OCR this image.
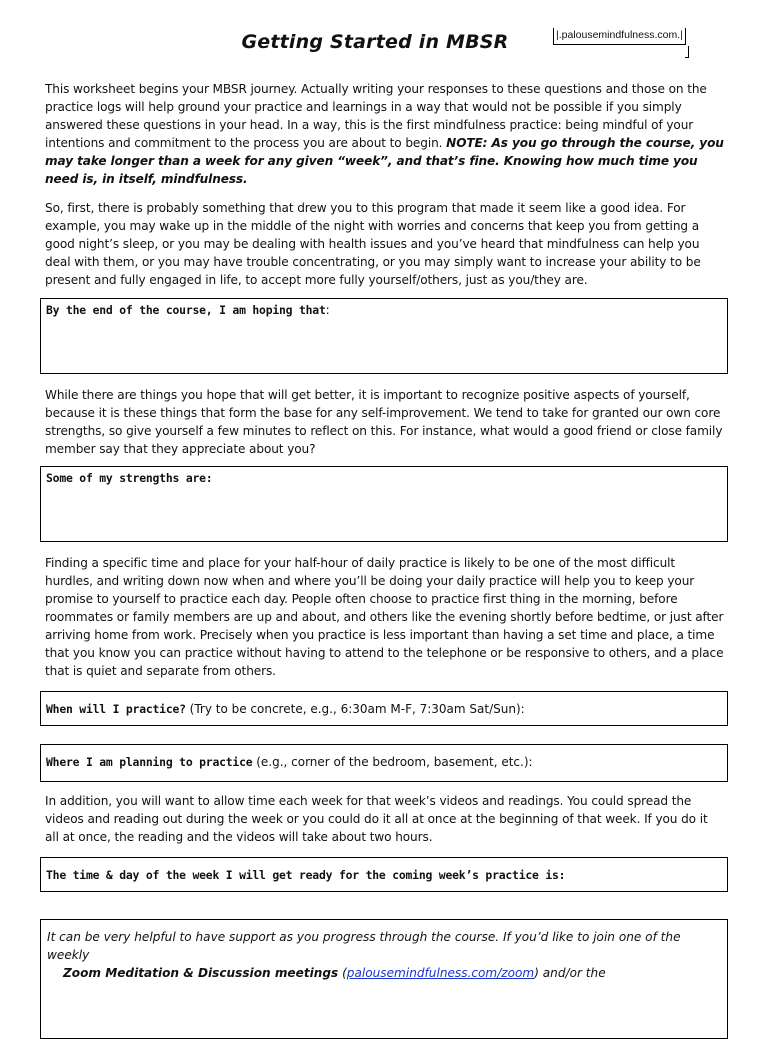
Getting Started in MBSR	|.palousemindfulness.com.|
This worksheet begins your MBSR journey. Actually writing your responses to these questions and those on the practice logs will help ground your practice and learnings in a way that would not be possible if you simply answered these questions in your head. In a way, this is the first mindfulness practice: being mindful of your intentions and commitment to the process you are about to begin. NOTE: As you go through the course, you may take longer than a week for any given “week”, and that’s fine. Knowing how much time you need is, in itself, mindfulness.
So, first, there is probably something that drew you to this program that made it seem like a good idea. For example, you may wake up in the middle of the night with worries and concerns that keep you from getting a good night’s sleep, or you may be dealing with health issues and you’ve heard that mindfulness can help you deal with them, or you may have trouble concentrating, or you may simply want to increase your ability to be present and fully engaged in life, to accept more fully yourself/others, just as you/they are.
By the end of the course, I am hoping that:
While there are things you hope that will get better, it is important to recognize positive aspects of yourself, because it is these things that form the base for any self-improvement. We tend to take for granted our own core strengths, so give yourself a few minutes to reflect on this. For instance, what would a good friend or close family member say that they appreciate about you?
Some of my strengths are:
Finding a specific time and place for your half-hour of daily practice is likely to be one of the most difficult hurdles, and writing down now when and where you’ll be doing your daily practice will help you to keep your promise to yourself to practice each day. People often choose to practice first thing in the morning, before roommates or family members are up and about, and others like the evening shortly before bedtime, or just after arriving home from work. Precisely when you practice is less important than having a set time and place, a time that you know you can practice without having to attend to the telephone or be responsive to others, and a place that is quiet and separate from others.
When will I practice? (Try to be concrete, e.g., 6:30am M-F, 7:30am Sat/Sun):
Where I am planning to practice (e.g., corner of the bedroom, basement, etc.):
In addition, you will want to allow time each week for that week’s videos and readings. You could spread the videos and reading out during the week or you could do it all at once at the beginning of that week. If you do it all at once, the reading and the videos will take about two hours.
The time & day of the week I will get ready for the coming week’s practice is:
It can be very helpful to have support as you progress through the course. If you’d like to join one of the weekly
Zoom Meditation & Discussion meetings (palousemindfulness.com/zoom) and/or the
